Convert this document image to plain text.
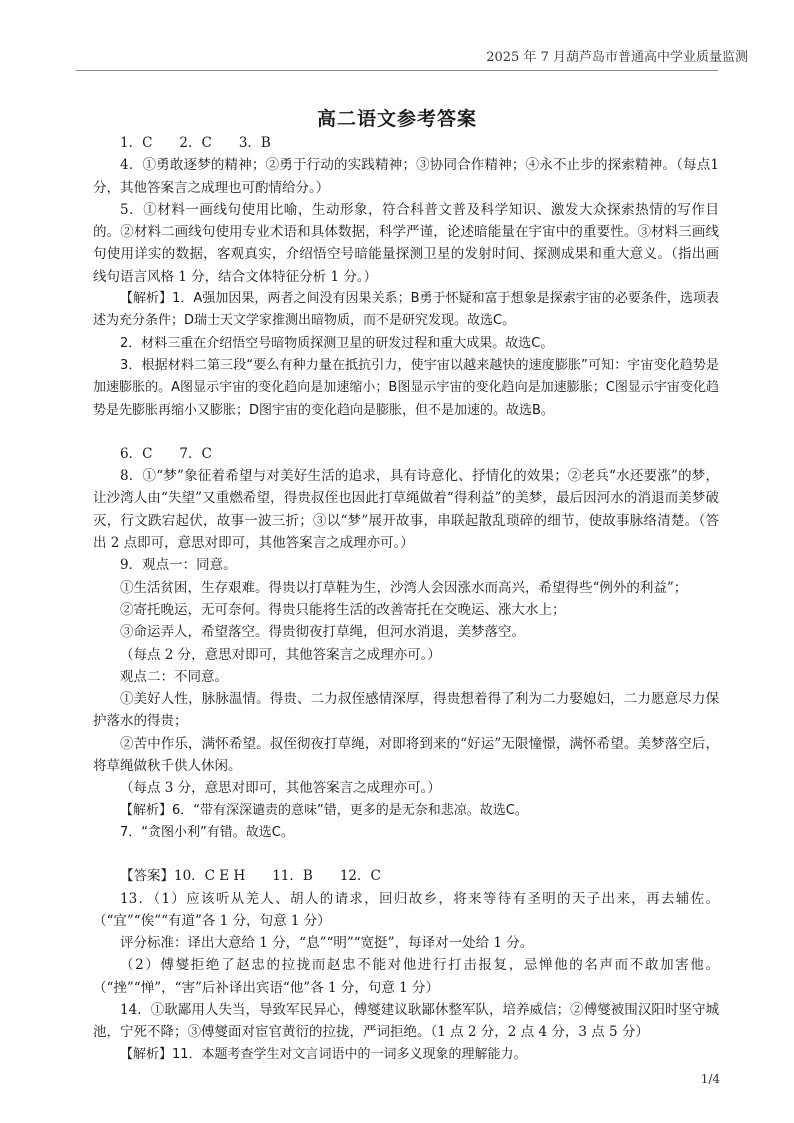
2025 年 7 月葫芦岛市普通高中学业质量监测
高二语文参考答案

1．C　　2．C　　3．B

4．①勇敢逐梦的精神；②勇于行动的实践精神；③协同合作精神；④永不止步的探索精神。（每点1分，其他答案言之成理也可酌情给分。）

5．①材料一画线句使用比喻，生动形象，符合科普文普及科学知识、激发大众探索热情的写作目的。②材料二画线句使用专业术语和具体数据，科学严谨，论述暗能量在宇宙中的重要性。③材料三画线句使用详实的数据，客观真实，介绍悟空号暗能量探测卫星的发射时间、探测成果和重大意义。（指出画线句语言风格 1 分，结合文体特征分析 1 分。）

【解析】1．A强加因果，两者之间没有因果关系；B勇于怀疑和富于想象是探索宇宙的必要条件，选项表述为充分条件；D瑞士天文学家推测出暗物质，而不是研究发现。故选C。

2．材料三重在介绍悟空号暗物质探测卫星的研发过程和重大成果。故选C。

3．根据材料二第三段“要么有种力量在抵抗引力，使宇宙以越来越快的速度膨胀”可知：宇宙变化趋势是加速膨胀的。A图显示宇宙的变化趋向是加速缩小；B图显示宇宙的变化趋向是加速膨胀；C图显示宇宙变化趋势是先膨胀再缩小又膨胀；D图宇宙的变化趋向是膨胀，但不是加速的。故选B。

6．C　　7．C

8．①“梦”象征着希望与对美好生活的追求，具有诗意化、抒情化的效果；②老兵“水还要涨”的梦，让沙湾人由“失望”又重燃希望，得贵叔侄也因此打草绳做着“得利益”的美梦，最后因河水的消退而美梦破灭，行文跌宕起伏，故事一波三折；③以“梦”展开故事，串联起散乱琐碎的细节，使故事脉络清楚。（答出 2 点即可，意思对即可，其他答案言之成理亦可。）

9．观点一：同意。

①生活贫困，生存艰难。得贵以打草鞋为生，沙湾人会因涨水而高兴，希望得些“例外的利益”；

②寄托晚运，无可奈何。得贵只能将生活的改善寄托在交晚运、涨大水上；

③命运弄人，希望落空。得贵彻夜打草绳，但河水消退，美梦落空。

（每点 2 分，意思对即可，其他答案言之成理亦可。）

观点二：不同意。

①美好人性，脉脉温情。得贵、二力叔侄感情深厚，得贵想着得了利为二力娶媳妇，二力愿意尽力保护落水的得贵；

②苦中作乐，满怀希望。叔侄彻夜打草绳，对即将到来的“好运”无限憧憬，满怀希望。美梦落空后，将草绳做秋千供人休闲。

（每点 3 分，意思对即可，其他答案言之成理亦可。）

【解析】6．“带有深深谴责的意味”错，更多的是无奈和悲凉。故选C。

7．“贪图小利”有错。故选C。

【答案】10．C E H　　11．B　　12．C

13．（1）应该听从羌人、胡人的请求，回归故乡，将来等待有圣明的天子出来，再去辅佐。（“宜”“俟”“有道”各 1 分，句意 1 分）

评分标准：译出大意给 1 分，“息”“明”“宽挺”，每译对一处给 1 分。

（2）傅燮拒绝了赵忠的拉拢而赵忠不能对他进行打击报复，忌惮他的名声而不敢加害他。（“挫”“惮”，“害”后补译出宾语“他”各 1 分，句意 1 分）

14．①耿鄙用人失当，导致军民异心，傅燮建议耿鄙休整军队，培养威信；②傅燮被围汉阳时坚守城池，宁死不降；③傅燮面对宦官黄衍的拉拢，严词拒绝。（1 点 2 分，2 点 4 分，3 点 5 分）

【解析】11．本题考查学生对文言词语中的一词多义现象的理解能力。

1/4
